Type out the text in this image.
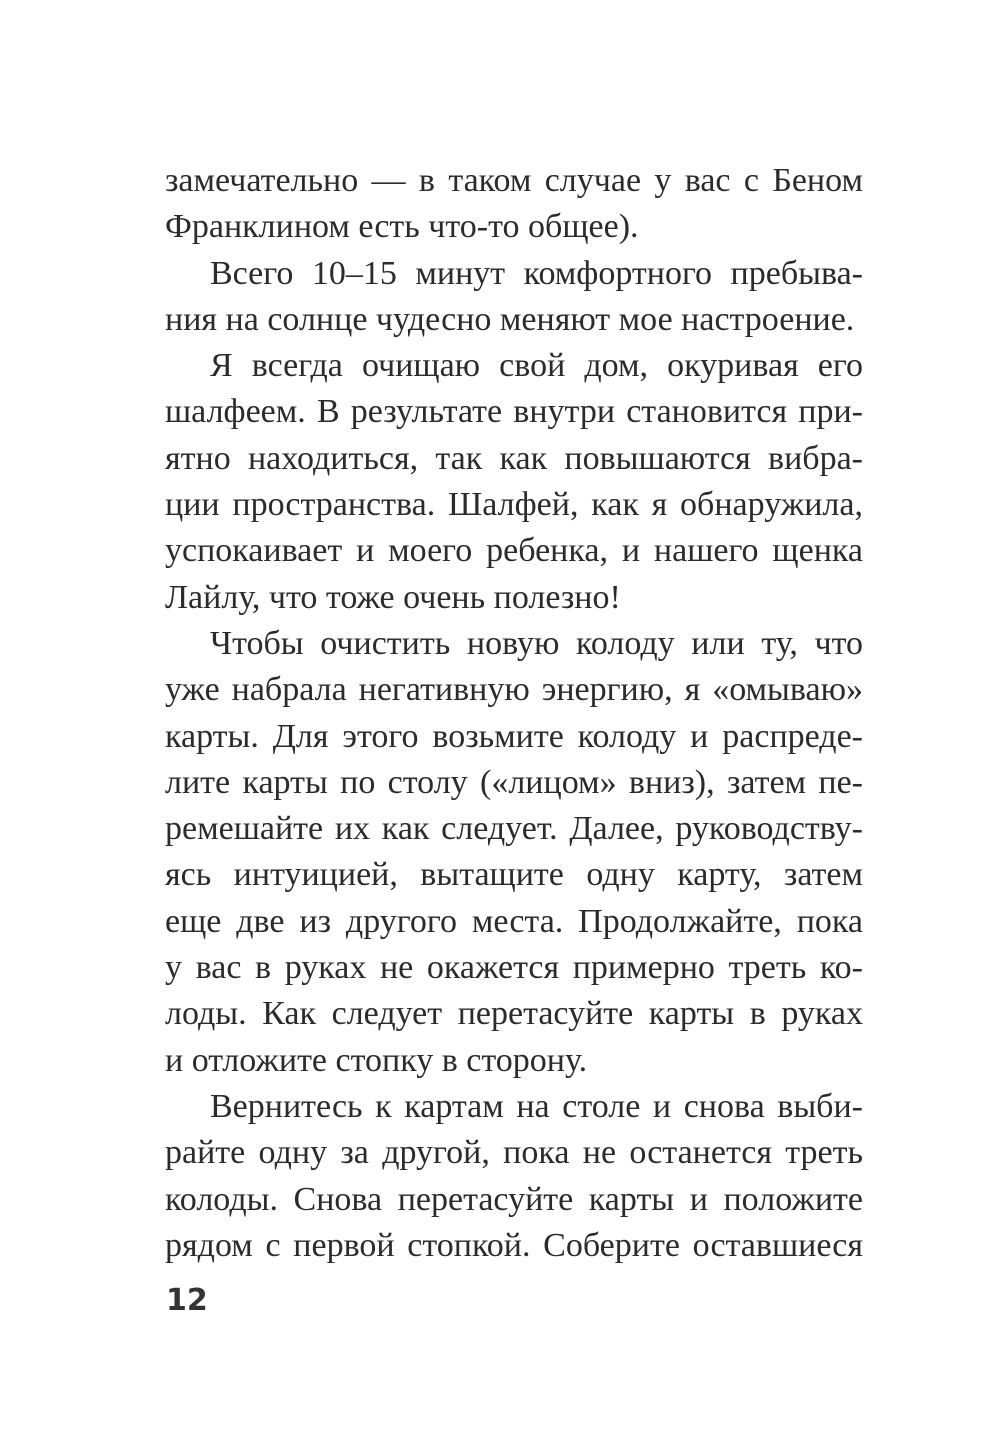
замечательно — в таком случае у вас с Беном
Франклином есть что-то общее).
Всего 10–15 минут комфортного пребыва-
ния на солнце чудесно меняют мое настроение.
Я всегда очищаю свой дом, окуривая его
шалфеем. В результате внутри становится при-
ятно находиться, так как повышаются вибра-
ции пространства. Шалфей, как я обнаружила,
успокаивает и моего ребенка, и нашего щенка
Лайлу, что тоже очень полезно!
Чтобы очистить новую колоду или ту, что
уже набрала негативную энергию, я «омываю»
карты. Для этого возьмите колоду и распреде-
лите карты по столу («лицом» вниз), затем пе-
ремешайте их как следует. Далее, руководству-
ясь интуицией, вытащите одну карту, затем
еще две из другого места. Продолжайте, пока
у вас в руках не окажется примерно треть ко-
лоды. Как следует перетасуйте карты в руках
и отложите стопку в сторону.
Вернитесь к картам на столе и снова выби-
райте одну за другой, пока не останется треть
колоды. Снова перетасуйте карты и положите
рядом с первой стопкой. Соберите оставшиеся
12
